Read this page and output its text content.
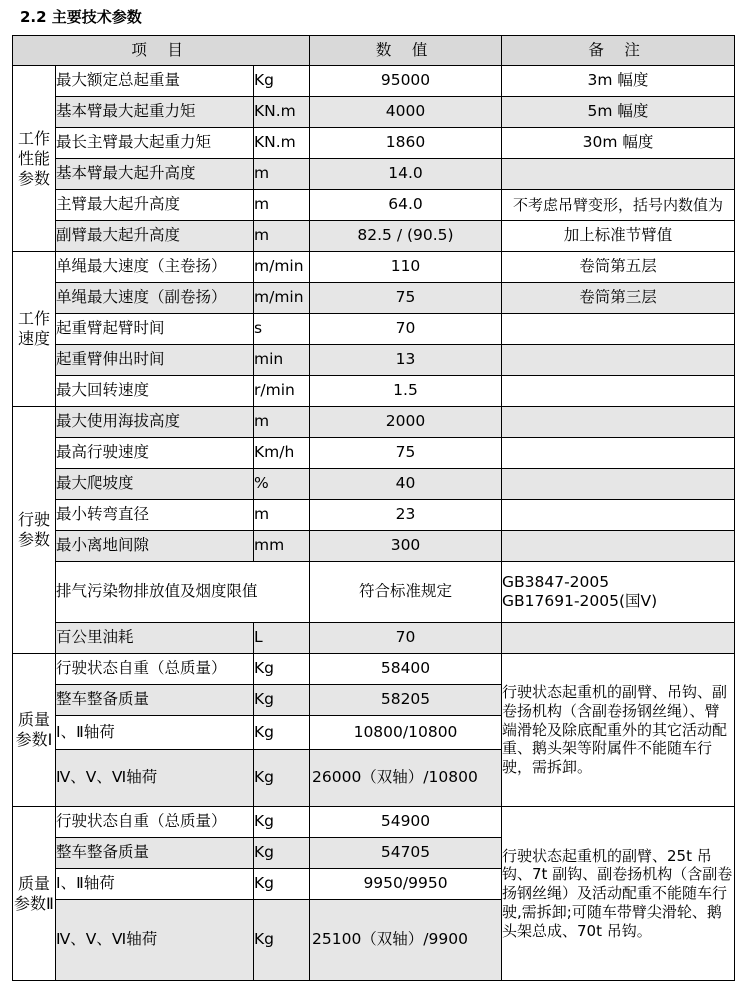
2.2 主要技术参数
项 目			数 值	备 注
工作性能参数	最大额定总起重量	Kg	95000	3m 幅度
	基本臂最大起重力矩	KN.m	4000	5m 幅度
	最长主臂最大起重力矩	KN.m	1860	30m 幅度
	基本臂最大起升高度	m	14.0	
	主臂最大起升高度	m	64.0	不考虑吊臂变形，括号内数值为
	副臂最大起升高度	m	82.5 / (90.5)	加上标准节臂值
工作速度	单绳最大速度（主卷扬）	m/min	110	卷筒第五层
	单绳最大速度（副卷扬）	m/min	75	卷筒第三层
	起重臂起臂时间	s	70	
	起重臂伸出时间	min	13	
	最大回转速度	r/min	1.5	
行驶参数	最大使用海拔高度	m	2000	
	最高行驶速度	Km/h	75	
	最大爬坡度	%	40	
	最小转弯直径	m	23	
	最小离地间隙	mm	300	
	排气污染物排放值及烟度限值		符合标准规定	GB3847-2005
GB17691-2005(国Ⅴ)

	百公里油耗	L	70	
质量参数Ⅰ	行驶状态自重（总质量）	Kg	58400	行驶状态起重机的副臂、吊钩、副卷扬机构（含副卷扬钢丝绳）、臂端滑轮及除底配重外的其它活动配重、鹅头架等附属件不能随车行驶，需拆卸。
	整车整备质量	Kg	58205	
	Ⅰ、Ⅱ轴荷	Kg	10800/10800	
	Ⅳ、Ⅴ、Ⅵ轴荷	Kg	26000（双轴）/10800	
质量参数Ⅱ	行驶状态自重（总质量）	Kg	54900	行驶状态起重机的副臂、25t 吊钩、7t 副钩、副卷扬机构（含副卷扬钢丝绳）及活动配重不能随车行驶,需拆卸;可随车带臂尖滑轮、鹅头架总成、70t 吊钩。
	整车整备质量	Kg	54705	
	Ⅰ、Ⅱ轴荷	Kg	9950/9950	
	Ⅳ、Ⅴ、Ⅵ轴荷	Kg	25100（双轴）/9900	
